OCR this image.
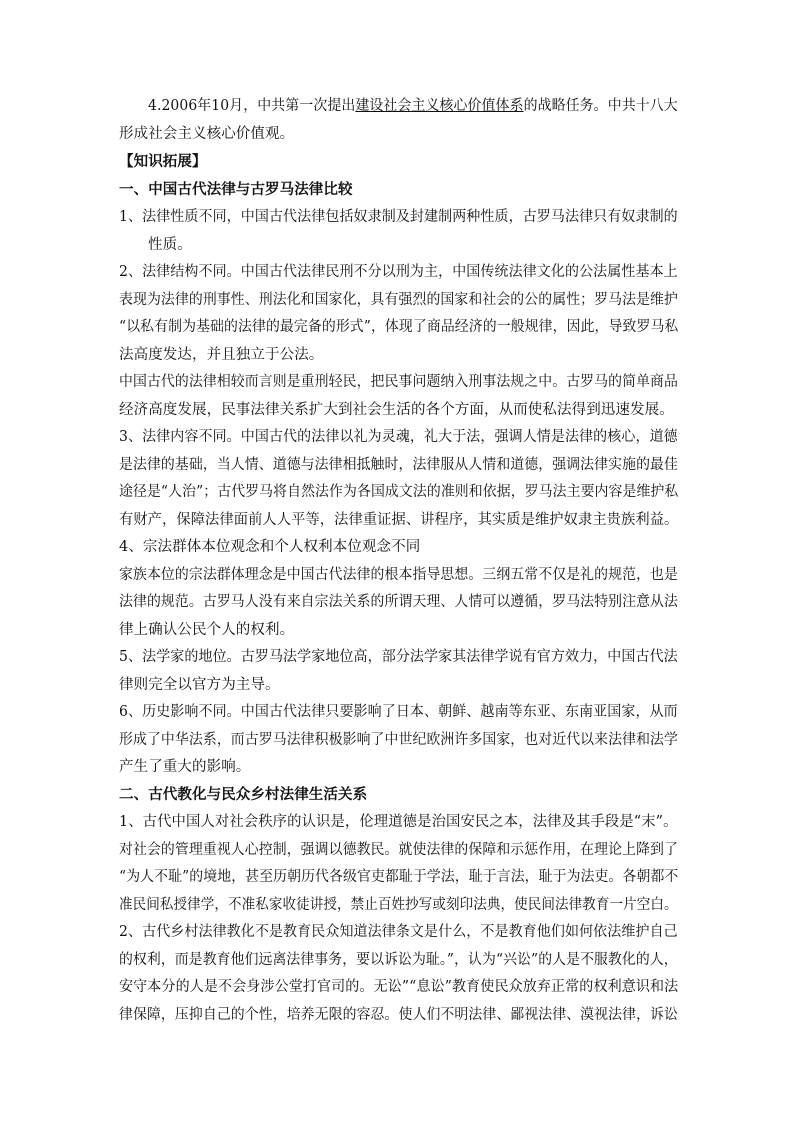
4.2006年10月，中共第一次提出建设社会主义核心价值体系的战略任务。中共十八大
形成社会主义核心价值观。
【知识拓展】
一、中国古代法律与古罗马法律比较
1、法律性质不同，中国古代法律包括奴隶制及封建制两种性质，古罗马法律只有奴隶制的
性质。
2、法律结构不同。中国古代法律民刑不分以刑为主，中国传统法律文化的公法属性基本上
表现为法律的刑事性、刑法化和国家化，具有强烈的国家和社会的公的属性；罗马法是维护
“以私有制为基础的法律的最完备的形式”，体现了商品经济的一般规律，因此，导致罗马私
法高度发达，并且独立于公法。
中国古代的法律相较而言则是重刑轻民，把民事问题纳入刑事法规之中。古罗马的简单商品
经济高度发展，民事法律关系扩大到社会生活的各个方面，从而使私法得到迅速发展。
3、法律内容不同。中国古代的法律以礼为灵魂，礼大于法，强调人情是法律的核心，道德
是法律的基础，当人情、道德与法律相抵触时，法律服从人情和道德，强调法律实施的最佳
途径是“人治”；古代罗马将自然法作为各国成文法的准则和依据，罗马法主要内容是维护私
有财产，保障法律面前人人平等，法律重证据、讲程序，其实质是维护奴隶主贵族利益。
4、宗法群体本位观念和个人权利本位观念不同
家族本位的宗法群体理念是中国古代法律的根本指导思想。三纲五常不仅是礼的规范，也是
法律的规范。古罗马人没有来自宗法关系的所谓天理、人情可以遵循，罗马法特别注意从法
律上确认公民个人的权利。
5、法学家的地位。古罗马法学家地位高，部分法学家其法律学说有官方效力，中国古代法
律则完全以官方为主导。
6、历史影响不同。中国古代法律只要影响了日本、朝鲜、越南等东亚、东南亚国家，从而
形成了中华法系，而古罗马法律积极影响了中世纪欧洲许多国家，也对近代以来法律和法学
产生了重大的影响。
二、古代教化与民众乡村法律生活关系
1、古代中国人对社会秩序的认识是，伦理道德是治国安民之本，法律及其手段是“末”。
对社会的管理重视人心控制，强调以德教民。就使法律的保障和示惩作用，在理论上降到了
“为人不耻”的境地，甚至历朝历代各级官吏都耻于学法，耻于言法，耻于为法吏。各朝都不
准民间私授律学，不准私家收徒讲授，禁止百姓抄写或刻印法典，使民间法律教育一片空白。
2、古代乡村法律教化不是教育民众知道法律条文是什么，不是教育他们如何依法维护自己
的权利，而是教育他们远离法律事务，要以诉讼为耻。”，认为“兴讼”的人是不服教化的人，
安守本分的人是不会身涉公堂打官司的。无讼”“息讼”教育使民众放弃正常的权利意识和法
律保障，压抑自己的个性，培养无限的容忍。使人们不明法律、鄙视法律、漠视法律，诉讼
